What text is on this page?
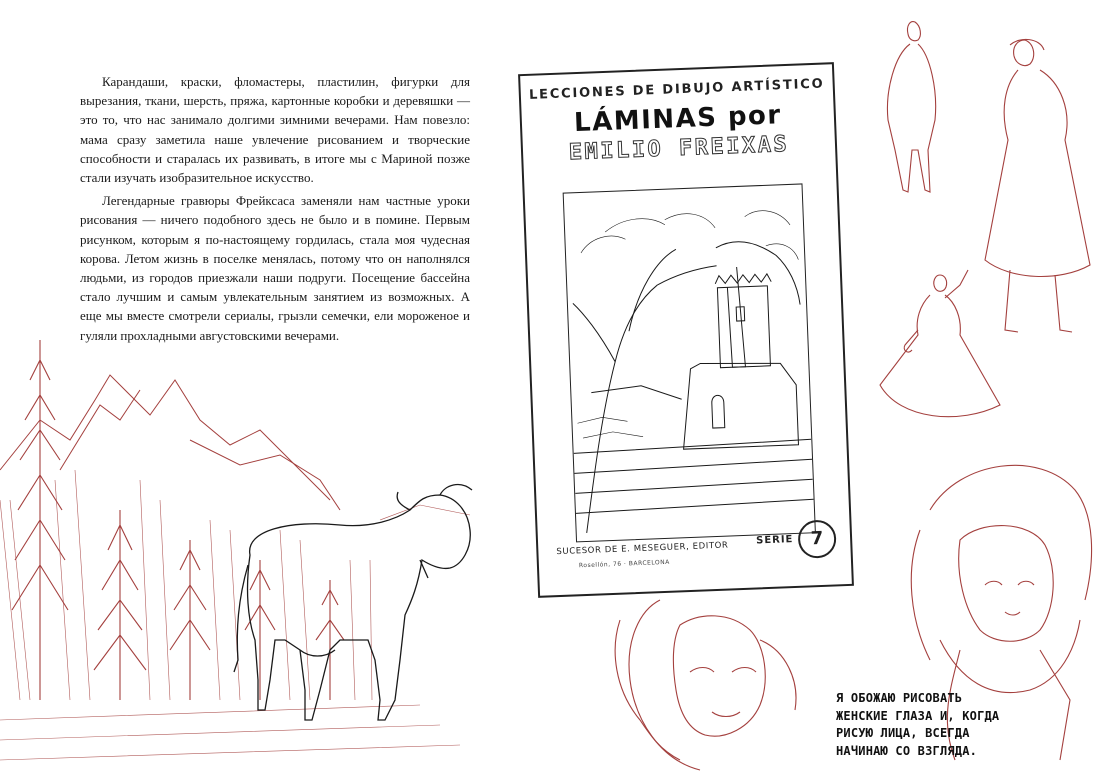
Карандаши, краски, фломастеры, пластилин, фигурки для вырезания, ткани, шерсть, пряжа, картонные коробки и деревяшки — это то, что нас занимало долгими зимними вечерами. Нам повезло: мама сразу заметила наше увлечение рисованием и творческие способности и старалась их развивать, в итоге мы с Мариной позже стали изучать изобразительное искусство.

Легендарные гравюры Фрейксаса заменяли нам частные уроки рисования — ничего подобного здесь не было и в помине. Первым рисунком, которым я по-настоящему гордилась, стала моя чудесная корова. Летом жизнь в поселке менялась, потому что он наполнялся людьми, из городов приезжали наши подруги. Посещение бассейна стало лучшим и самым увлекательным занятием из возможных. А еще мы вместе смотрели сериалы, грызли семечки, ели мороженое и гуляли прохладными августовскими вечерами.

LECCIONES DE DIBUJO ARTÍSTICO
LÁMINAS por
EMILIO FREIXAS
SUCESOR DE E. MESEGUER, EDITOR
Rosellón, 76 · BARCELONA
SERIE 7
Я ОБОЖАЮ РИСОВАТЬ ЖЕНСКИЕ ГЛАЗА И, КОГДА РИСУЮ ЛИЦА, ВСЕГДА НАЧИНАЮ СО ВЗГЛЯДА.
